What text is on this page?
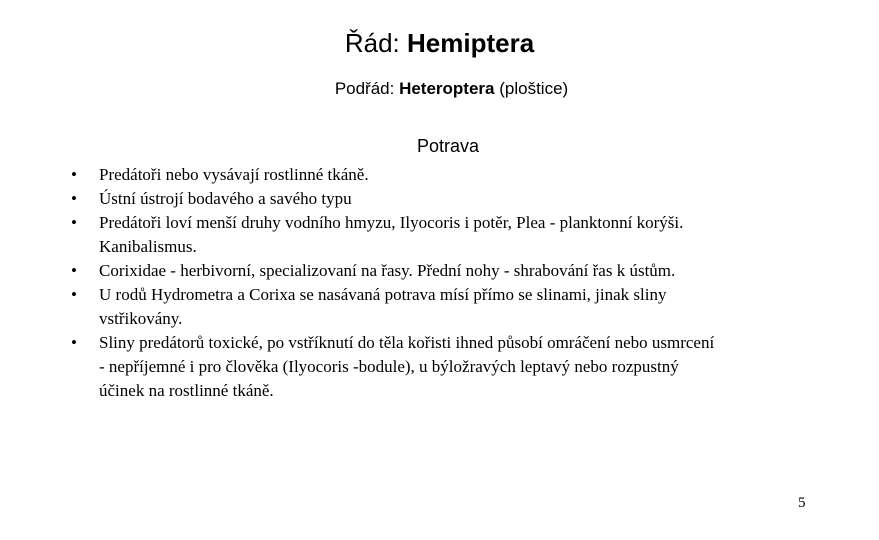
Řád: Hemiptera
Podřád: Heteroptera (ploštice)
Potrava
•	Predátoři nebo vysávají rostlinné tkáně.
•	Ústní ústrojí bodavého a savého typu
•	Predátoři loví menší druhy vodního hmyzu, Ilyocoris i potěr, Plea - planktonní korýši.
Kanibalismus.
•	Corixidae - herbivorní, specializovaní na řasy. Přední nohy - shrabování řas k ústům.
•	U rodů Hydrometra a Corixa se nasávaná potrava mísí přímo se slinami, jinak sliny
vstřikovány.
•	Sliny predátorů toxické, po vstříknutí do těla kořisti ihned působí omráčení nebo usmrcení
- nepříjemné i pro člověka (Ilyocoris -bodule), u býložravých leptavý nebo rozpustný
účinek na rostlinné tkáně.
5
